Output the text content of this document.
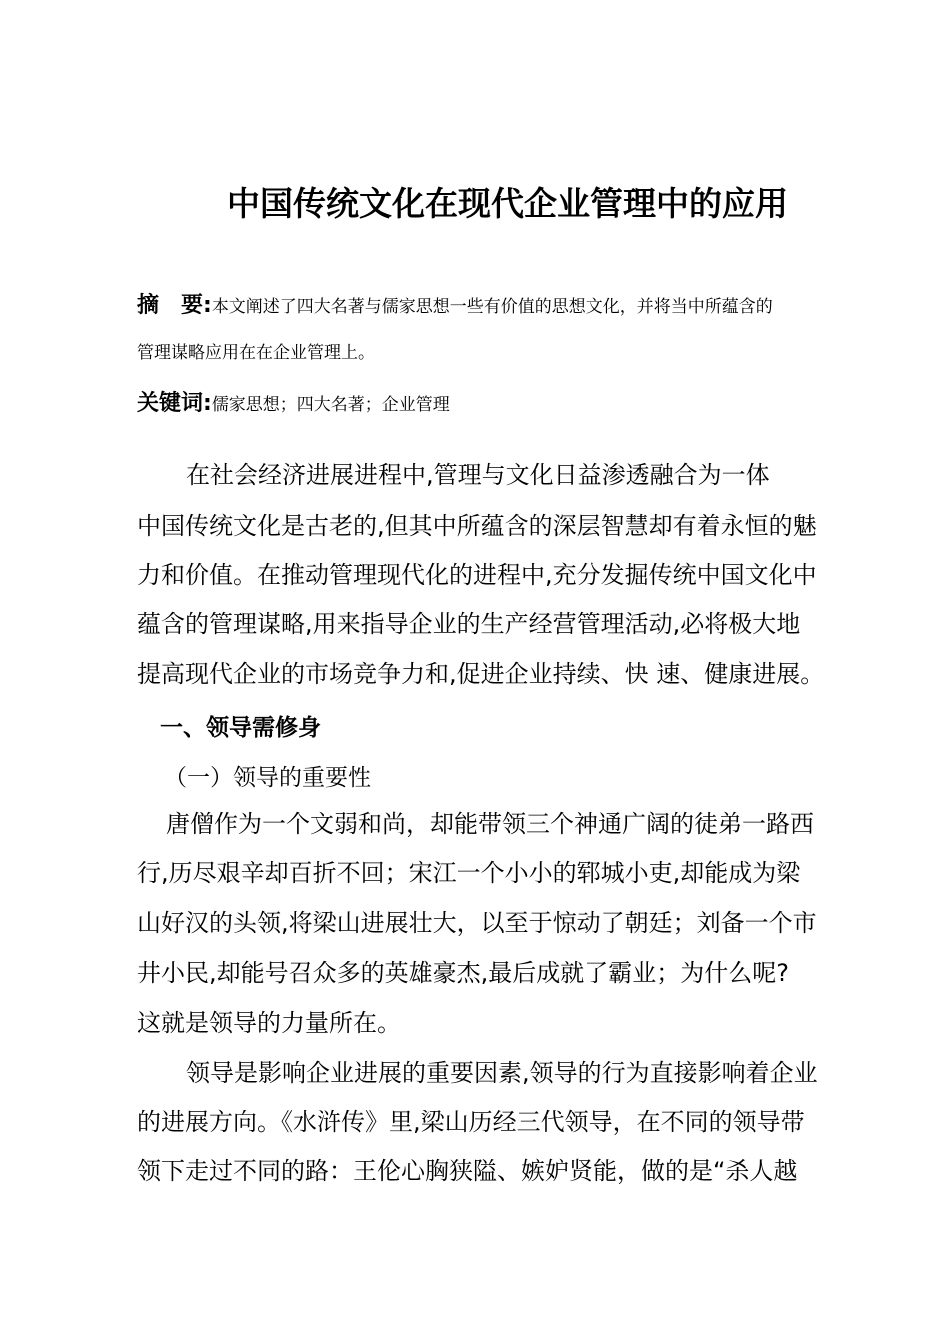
中国传统文化在现代企业管理中的应用
摘　要:本文阐述了四大名著与儒家思想一些有价值的思想文化，并将当中所蕴含的
管理谋略应用在在企业管理上。
关键词:儒家思想；四大名著；企业管理
在社会经济进展进程中,管理与文化日益渗透融合为一体
中国传统文化是古老的,但其中所蕴含的深层智慧却有着永恒的魅
力和价值。在推动管理现代化的进程中,充分发掘传统中国文化中
蕴含的管理谋略,用来指导企业的生产经营管理活动,必将极大地
提高现代企业的市场竞争力和,促进企业持续、快 速、健康进展。
一、领导需修身
（一）领导的重要性
唐僧作为一个文弱和尚，却能带领三个神通广阔的徒弟一路西
行,历尽艰辛却百折不回；宋江一个小小的郓城小吏,却能成为梁
山好汉的头领,将梁山进展壮大，以至于惊动了朝廷；刘备一个市
井小民,却能号召众多的英雄豪杰,最后成就了霸业；为什么呢?
这就是领导的力量所在。
领导是影响企业进展的重要因素,领导的行为直接影响着企业
的进展方向。《水浒传》里,梁山历经三代领导，在不同的领导带
领下走过不同的路：王伦心胸狭隘、嫉妒贤能，做的是“杀人越
